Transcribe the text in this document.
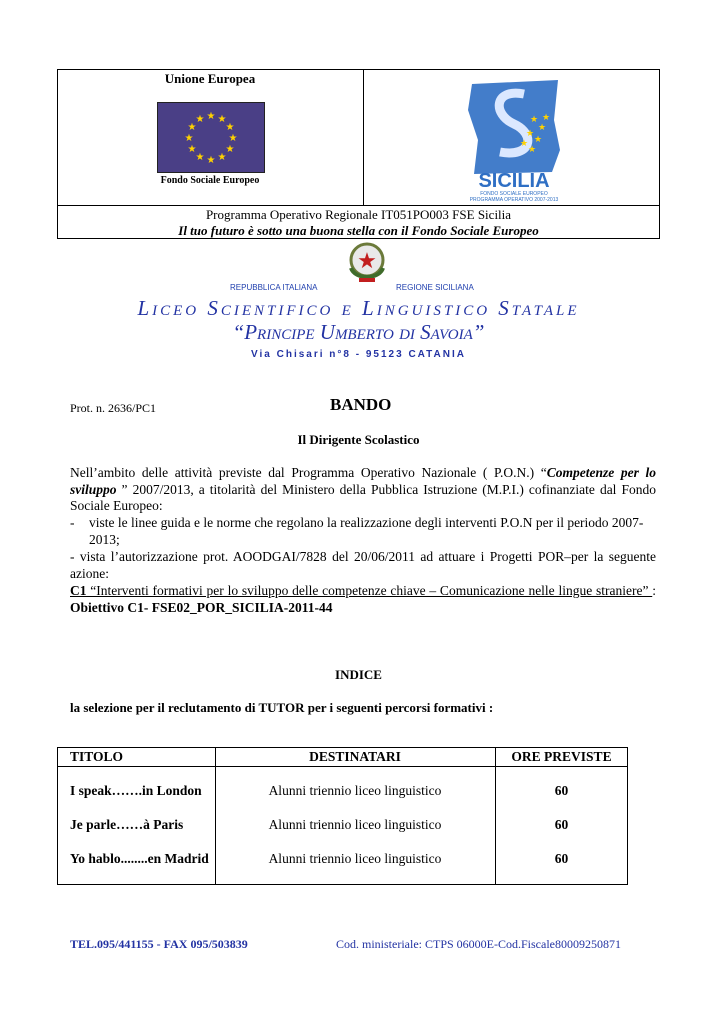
Unione Europea
★ ★
★
★
★
★
★
★
★
★
★
★
Fondo Sociale Europeo
★
★
★
★
★
★
★
SICILIA
FONDO SOCIALE EUROPEO
PROGRAMMA OPERATIVO 2007-2013
Programma Operativo Regionale IT051PO003 FSE Sicilia
Il tuo futuro è sotto una buona stella con il Fondo Sociale Europeo
★
REPUBBLICA ITALIANA	REGIONE SICILIANA
Liceo Scientifico e Linguistico Statale
“Principe Umberto di Savoia”
Via Chisari n°8 - 95123 CATANIA
Prot. n. 2636/PC1	BANDO
Il Dirigente Scolastico
Nell’ambito delle attività previste dal Programma Operativo Nazionale ( P.O.N.) “Competenze per lo sviluppo ” 2007/2013, a titolarità del Ministero della Pubblica Istruzione (M.P.I.) cofinanziate dal Fondo Sociale Europeo:
- viste le linee guida e le norme che regolano la realizzazione degli interventi P.O.N per il periodo 2007-2013;
- vista l’autorizzazione prot. AOODGAI/7828 del 20/06/2011 ad attuare i Progetti POR–per la seguente azione:
C1 “Interventi formativi per lo sviluppo delle competenze chiave – Comunicazione nelle lingue straniere” : Obiettivo C1- FSE02_POR_SICILIA-2011-44
INDICE
la selezione per il reclutamento di TUTOR per i seguenti percorsi formativi :
TITOLO	DESTINATARI	ORE PREVISTE
I speak…….in London	Alunni triennio liceo linguistico	60
Je parle……à Paris	Alunni triennio liceo linguistico	60
Yo hablo........en Madrid	Alunni triennio liceo linguistico	60
TEL.095/441155 - FAX 095/503839	Cod. ministeriale: CTPS 06000E-Cod.Fiscale80009250871
